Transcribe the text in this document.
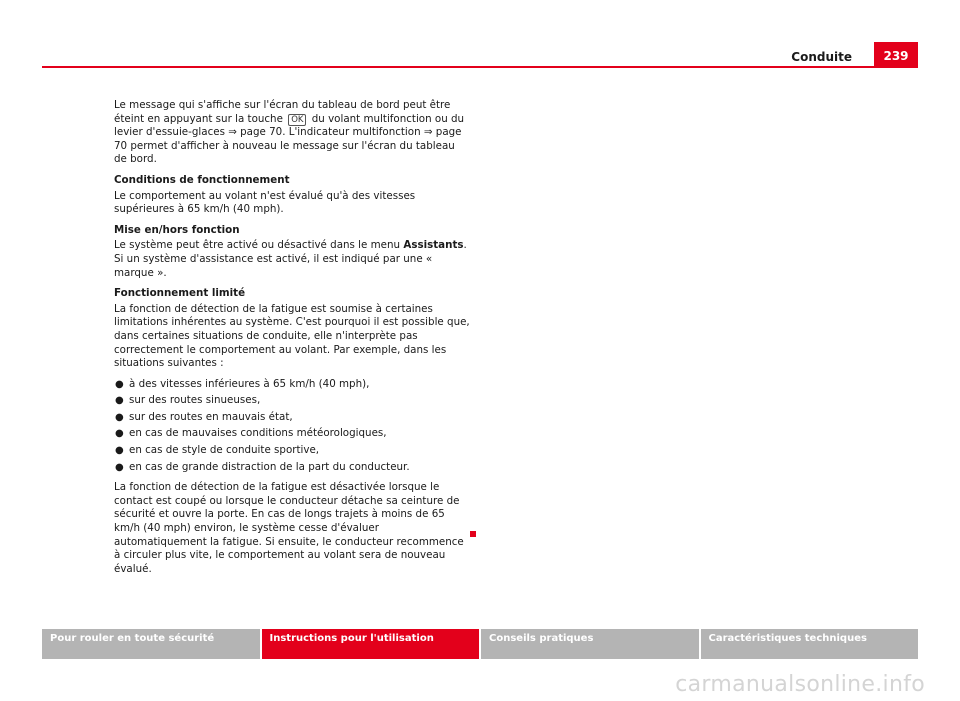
Conduite	239

Le message qui s'affiche sur l'écran du tableau de bord peut être éteint en appuyant sur la touche OK du volant multifonction ou du levier d'essuie-glaces ⇒ page 70. L'indicateur multifonction ⇒ page 70 permet d'afficher à nouveau le message sur l'écran du tableau de bord.

Conditions de fonctionnement

Le comportement au volant n'est évalué qu'à des vitesses supérieures à 65 km/h (40 mph).

Mise en/hors fonction

Le système peut être activé ou désactivé dans le menu Assistants. Si un système d'assistance est activé, il est indiqué par une « marque ».

Fonctionnement limité

La fonction de détection de la fatigue est soumise à certaines limitations inhérentes au système. C'est pourquoi il est possible que, dans certaines situations de conduite, elle n'interprète pas correctement le comportement au volant. Par exemple, dans les situations suivantes :

● à des vitesses inférieures à 65 km/h (40 mph),
● sur des routes sinueuses,
● sur des routes en mauvais état,
● en cas de mauvaises conditions météorologiques,
● en cas de style de conduite sportive,
● en cas de grande distraction de la part du conducteur.

La fonction de détection de la fatigue est désactivée lorsque le contact est coupé ou lorsque le conducteur détache sa ceinture de sécurité et ouvre la porte. En cas de longs trajets à moins de 65 km/h (40 mph) environ, le système cesse d'évaluer automatiquement la fatigue. Si ensuite, le conducteur recommence à circuler plus vite, le comportement au volant sera de nouveau évalué.

Pour rouler en toute sécurité	Instructions pour l'utilisation	Conseils pratiques	Caractéristiques techniques
carmanualsonline.info
